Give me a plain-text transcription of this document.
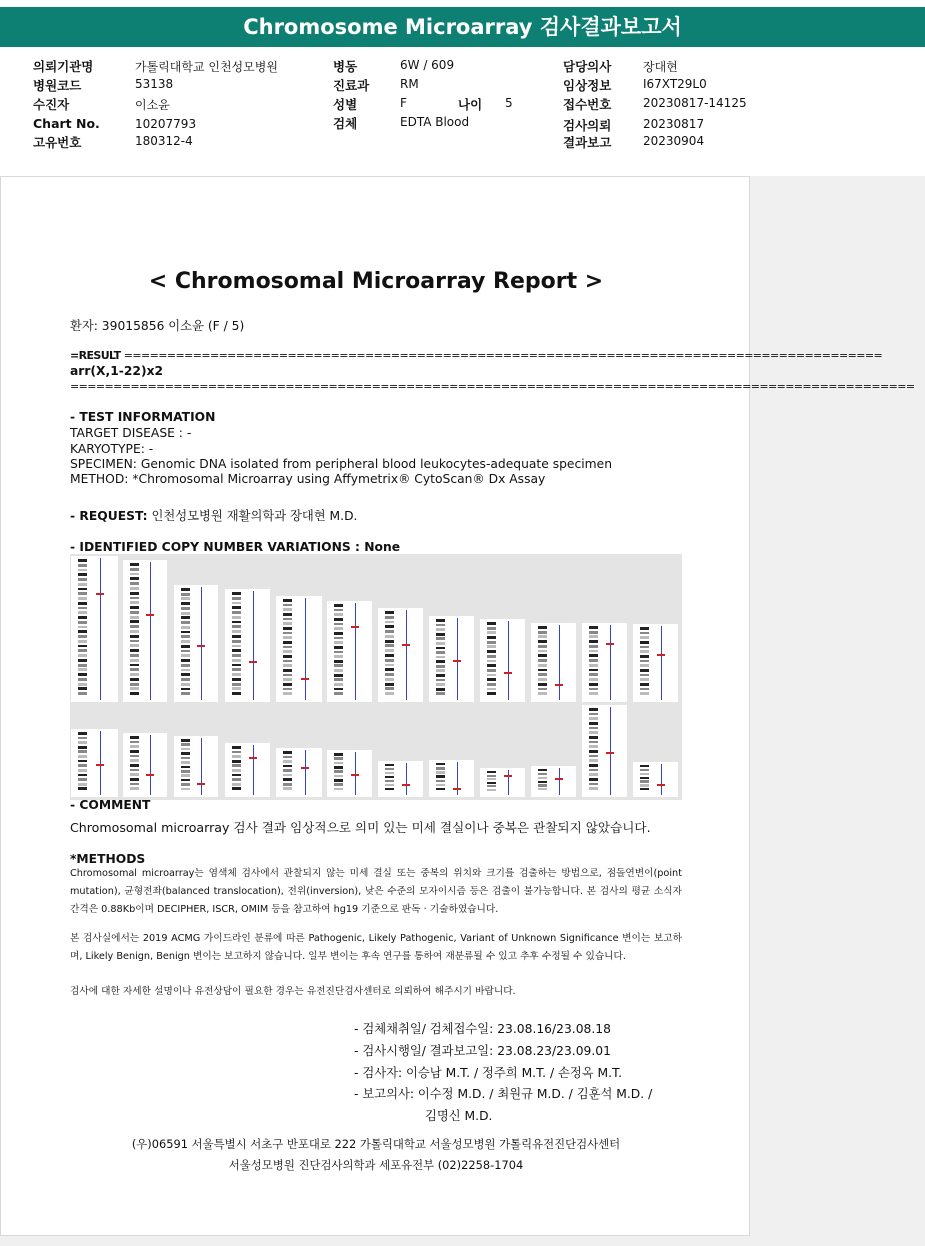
Chromosome Microarray 검사결과보고서
의뢰기관명	가톨릭대학교 인천성모병원
병원코드	53138
수진자	이소윤
Chart No.	10207793
고유번호	180312-4
병동	6W / 609
진료과	RM
성별	F	나이 5
검체	EDTA Blood
담당의사	장대현
임상정보	I67XT29L0
접수번호	20230817-14125
검사의뢰	20230817
결과보고	20230904
< Chromosomal Microarray Report >
환자: 39015856 이소윤 (F / 5)
=RESULT ========================================================================================
arr(X,1-22)x2
==================================================================================================
- TEST INFORMATION
TARGET DISEASE : -
KARYOTYPE: -
SPECIMEN: Genomic DNA isolated from peripheral blood leukocytes-adequate specimen
METHOD: *Chromosomal Microarray using Affymetrix® CytoScan® Dx Assay
- REQUEST: 인천성모병원 재활의학과 장대현 M.D.
- IDENTIFIED COPY NUMBER VARIATIONS : None
- COMMENT
Chromosomal microarray 검사 결과 임상적으로 의미 있는 미세 결실이나 중복은 관찰되지 않았습니다.
*METHODS
Chromosomal microarray는 염색체 검사에서 관찰되지 않는 미세 결실 또는 중복의 위치와 크기를 검출하는 방법으로, 점돌연변이(point mutation), 균형전좌(balanced translocation), 전위(inversion), 낮은 수준의 모자이시즘 등은 검출이 불가능합니다. 본 검사의 평균 소식자 간격은 0.88Kb이며 DECIPHER, ISCR, OMIM 등을 참고하여 hg19 기준으로 판독 · 기술하였습니다.
본 검사실에서는 2019 ACMG 가이드라인 분류에 따른 Pathogenic, Likely Pathogenic, Variant of Unknown Significance 변이는 보고하며, Likely Benign, Benign 변이는 보고하지 않습니다. 일부 변이는 후속 연구를 통하여 재분류될 수 있고 추후 수정될 수 있습니다.
검사에 대한 자세한 설명이나 유전상담이 필요한 경우는 유전진단검사센터로 의뢰하여 해주시기 바랍니다.
- 검체채취일/ 검체접수일: 23.08.16/23.08.18
- 검사시행일/ 결과보고일: 23.08.23/23.09.01
- 검사자: 이승남 M.T. / 정주희 M.T. / 손정옥 M.T.
- 보고의사: 이수정 M.D. / 최원규 M.D. / 김훈석 M.D. /
김명신 M.D.
(우)06591 서울특별시 서초구 반포대로 222 가톨릭대학교 서울성모병원 가톨릭유전진단검사센터
서울성모병원 진단검사의학과 세포유전부 (02)2258-1704
